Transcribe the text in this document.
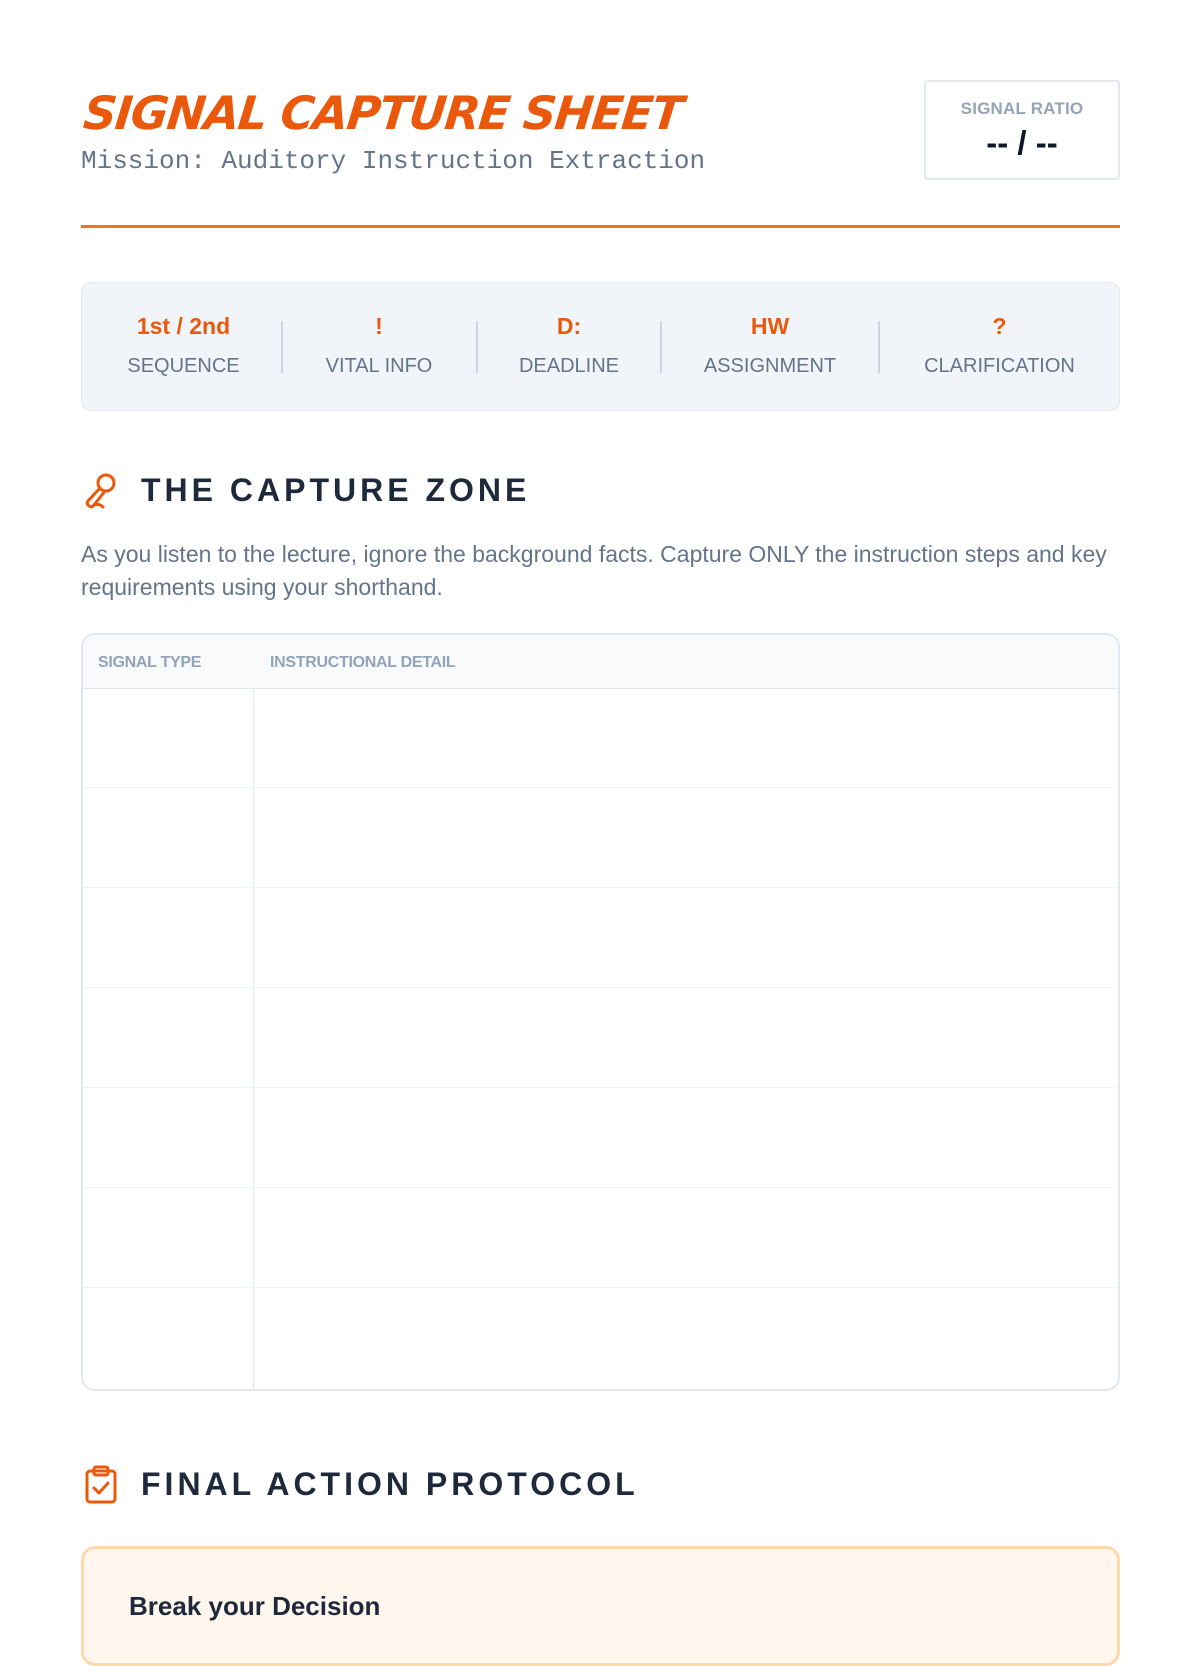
SIGNAL CAPTURE SHEET
Mission: Auditory Instruction Extraction
SIGNAL RATIO
-- / --
1st / 2nd
SEQUENCE
!
VITAL INFO
D:
DEADLINE
HW
ASSIGNMENT
?
CLARIFICATION
THE CAPTURE ZONE
As you listen to the lecture, ignore the background facts. Capture ONLY the instruction steps and key requirements using your shorthand.
SIGNAL TYPE	INSTRUCTIONAL DETAIL
FINAL ACTION PROTOCOL
Break your Decision
